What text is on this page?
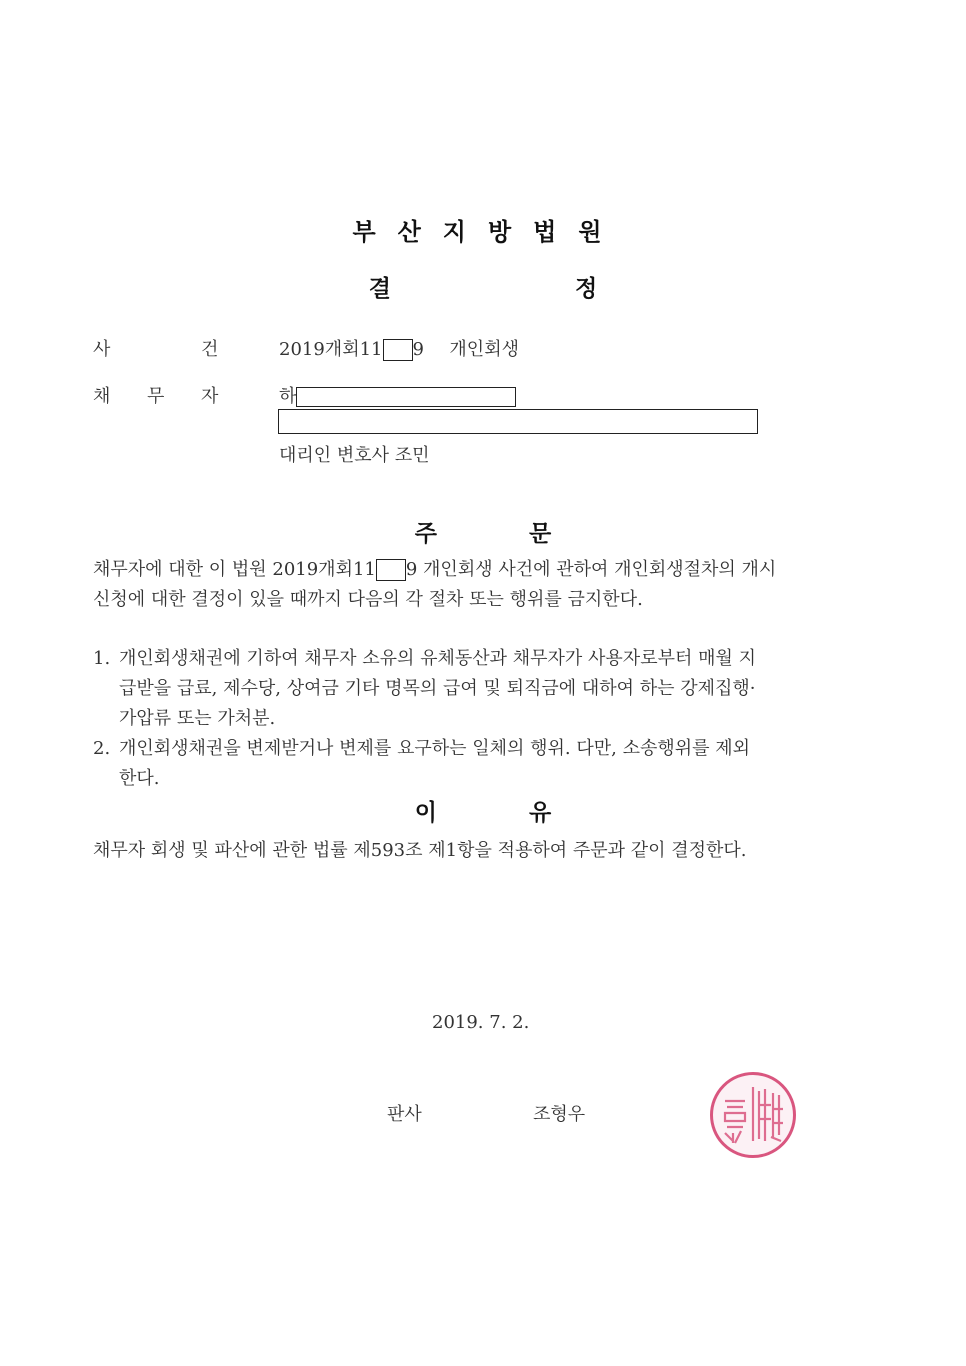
부산지방법원
결	정
사	건	2019개회11 9 개인회생
채 무 자	하
대리인 변호사 조민
주	문

채무자에 대한 이 법원 2019개회11 9 개인회생 사건에 관하여 개인회생절차의 개시

신청에 대한 결정이 있을 때까지 다음의 각 절차 또는 행위를 금지한다.

1. 개인회생채권에 기하여 채무자 소유의 유체동산과 채무자가 사용자로부터 매월 지

급받을 급료, 제수당, 상여금 기타 명목의 급여 및 퇴직금에 대하여 하는 강제집행·

가압류 또는 가처분.

2. 개인회생채권을 변제받거나 변제를 요구하는 일체의 행위. 다만, 소송행위를 제외

한다.

이	유

채무자 회생 및 파산에 관한 법률 제593조 제1항을 적용하여 주문과 같이 결정한다.

2019. 7. 2.
판사	조형우
